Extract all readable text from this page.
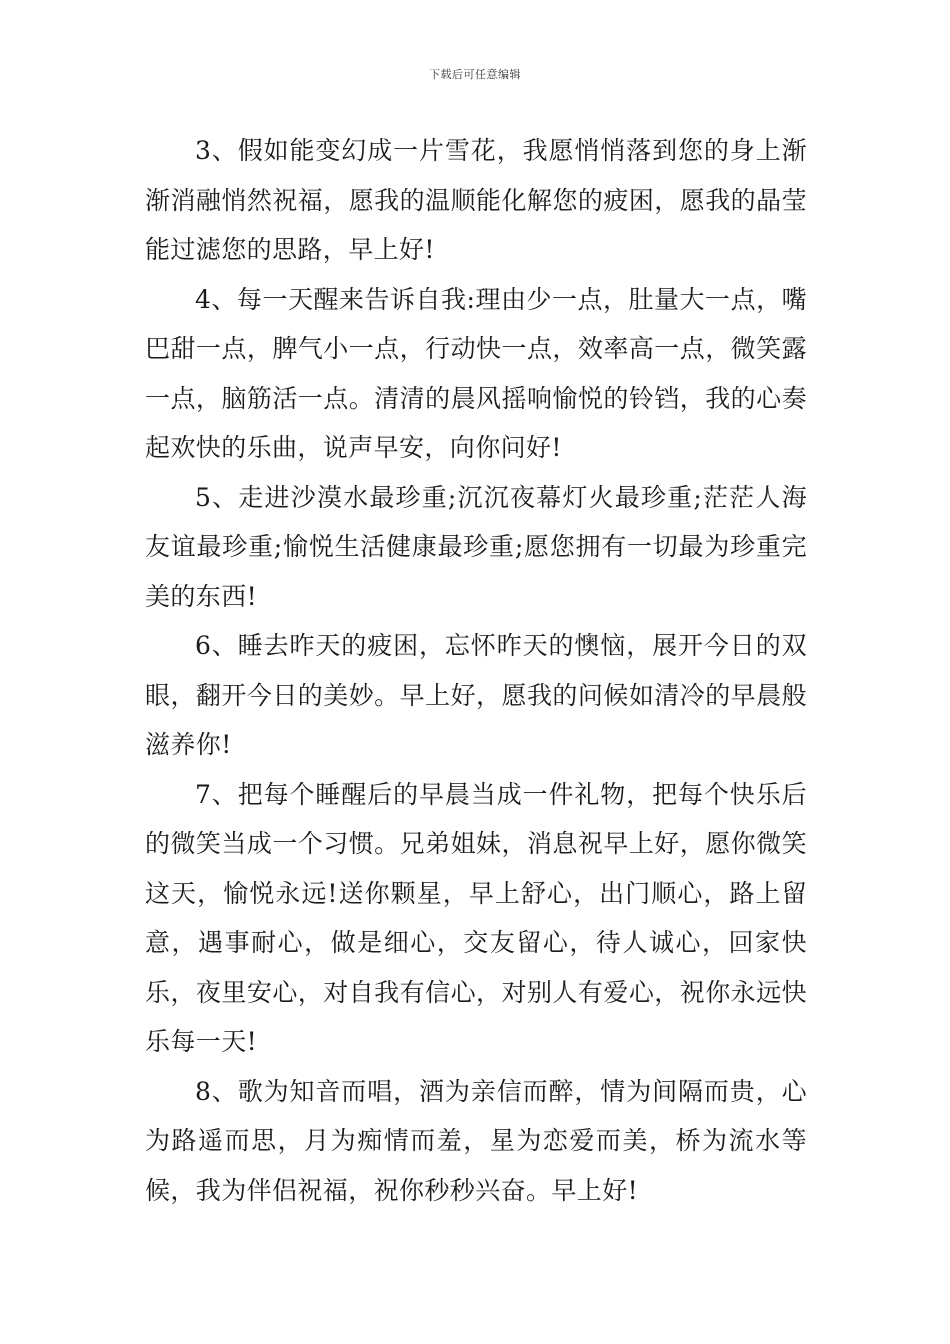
下载后可任意编辑

3、假如能变幻成一片雪花，我愿悄悄落到您的身上渐渐消融悄然祝福，愿我的温顺能化解您的疲困，愿我的晶莹能过滤您的思路，早上好!

4、每一天醒来告诉自我:理由少一点，肚量大一点，嘴巴甜一点，脾气小一点，行动快一点，效率高一点，微笑露一点，脑筋活一点。清清的晨风摇响愉悦的铃铛，我的心奏起欢快的乐曲，说声早安，向你问好!

5、走进沙漠水最珍重;沉沉夜幕灯火最珍重;茫茫人海友谊最珍重;愉悦生活健康最珍重;愿您拥有一切最为珍重完美的东西!

6、睡去昨天的疲困，忘怀昨天的懊恼，展开今日的双眼，翻开今日的美妙。早上好，愿我的问候如清冷的早晨般滋养你!

7、把每个睡醒后的早晨当成一件礼物，把每个快乐后的微笑当成一个习惯。兄弟姐妹，消息祝早上好，愿你微笑这天，愉悦永远!送你颗星，早上舒心，出门顺心，路上留意，遇事耐心，做是细心，交友留心，待人诚心，回家快乐，夜里安心，对自我有信心，对别人有爱心，祝你永远快乐每一天!

8、歌为知音而唱，酒为亲信而醉，情为间隔而贵，心为路遥而思，月为痴情而羞，星为恋爱而美，桥为流水等候，我为伴侣祝福，祝你秒秒兴奋。早上好!
